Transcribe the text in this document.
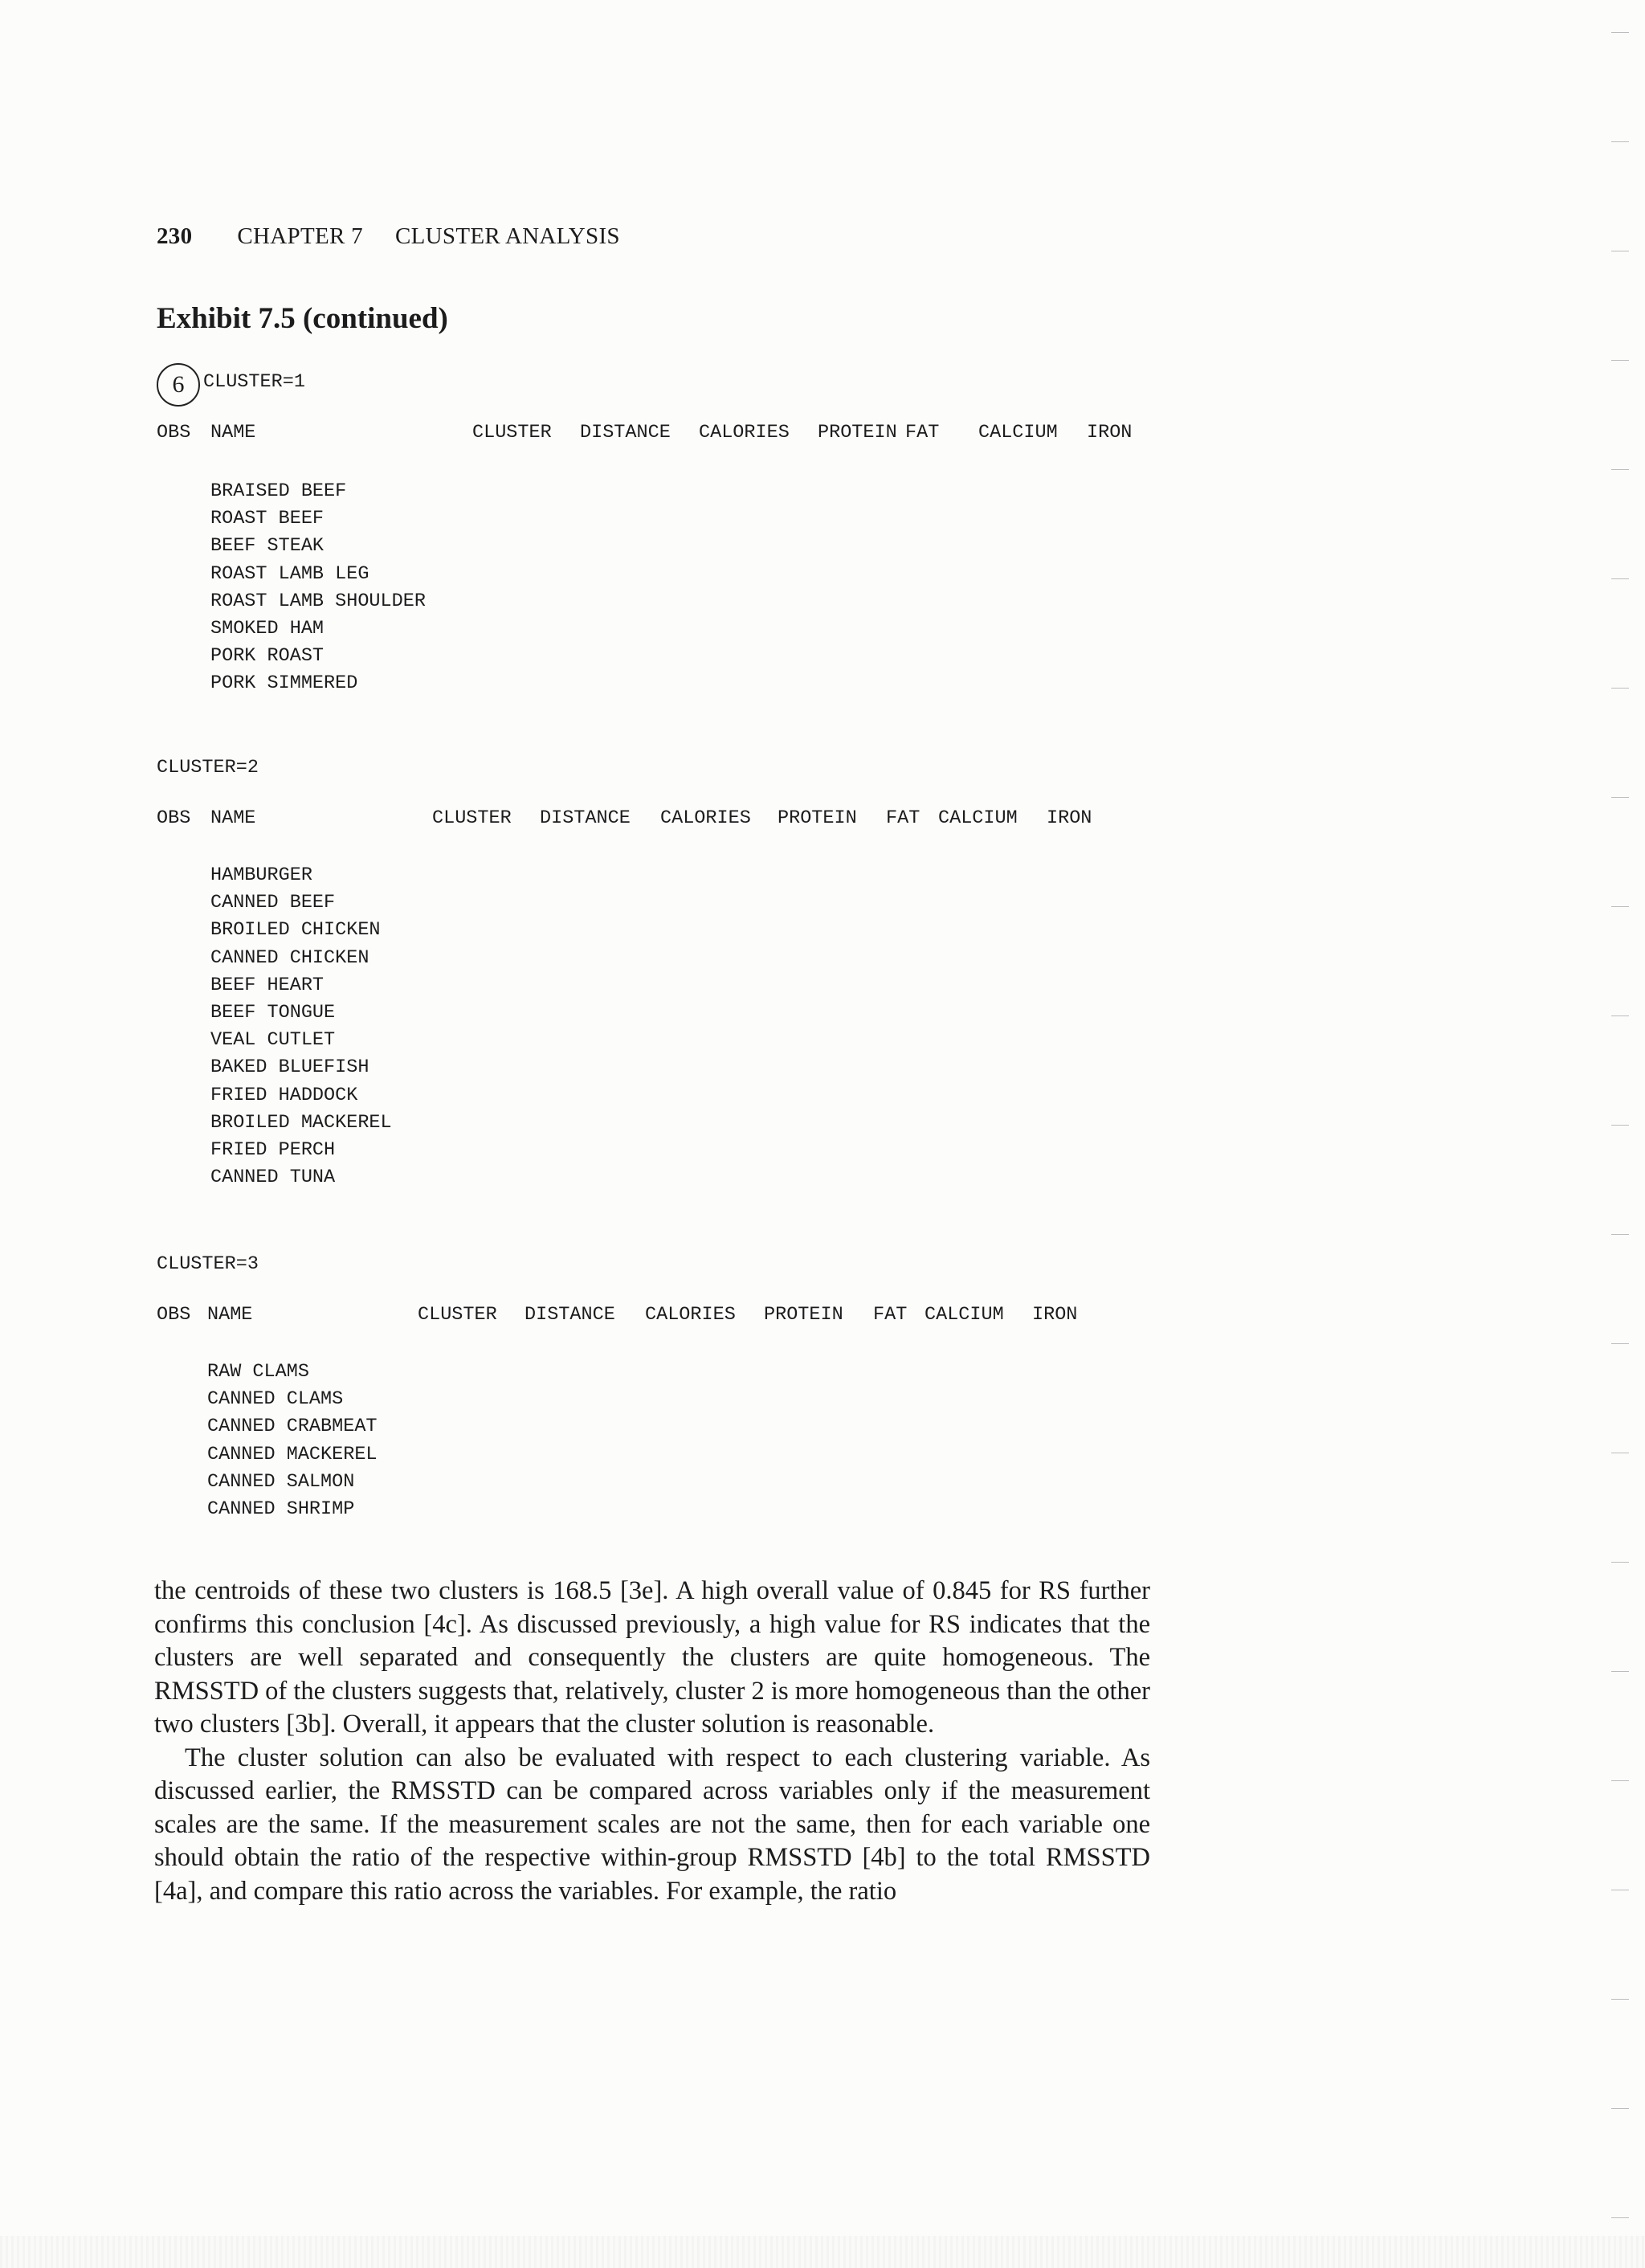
230 CHAPTER 7 CLUSTER ANALYSIS
Exhibit 7.5 (continued)
6	CLUSTER=1
OBS NAME	CLUSTER DISTANCE CALORIES PROTEIN FAT CALCIUM IRON
BRAISED BEEF
ROAST BEEF
BEEF STEAK
ROAST LAMB LEG
ROAST LAMB SHOULDER
SMOKED HAM
PORK ROAST
PORK SIMMERED
CLUSTER=2
OBS NAME	CLUSTER DISTANCE CALORIES PROTEIN FAT CALCIUM IRON
HAMBURGER
CANNED BEEF
BROILED CHICKEN
CANNED CHICKEN
BEEF HEART
BEEF TONGUE
VEAL CUTLET
BAKED BLUEFISH
FRIED HADDOCK
BROILED MACKEREL
FRIED PERCH
CANNED TUNA
CLUSTER=3
OBS NAME	CLUSTER DISTANCE CALORIES PROTEIN FAT CALCIUM IRON
RAW CLAMS
CANNED CLAMS
CANNED CRABMEAT
CANNED MACKEREL
CANNED SALMON
CANNED SHRIMP

the centroids of these two clusters is 168.5 [3e]. A high overall value of 0.845 for RS further confirms this conclusion [4c]. As discussed previously, a high value for RS indicates that the clusters are well separated and consequently the clusters are quite homogeneous. The RMSSTD of the clusters suggests that, relatively, cluster 2 is more homogeneous than the other two clusters [3b]. Overall, it appears that the cluster solution is reasonable.

The cluster solution can also be evaluated with respect to each clustering variable. As discussed earlier, the RMSSTD can be compared across variables only if the measurement scales are the same. If the measurement scales are not the same, then for each variable one should obtain the ratio of the respective within-group RMSSTD [4b] to the total RMSSTD [4a], and compare this ratio across the variables. For example, the ratio
